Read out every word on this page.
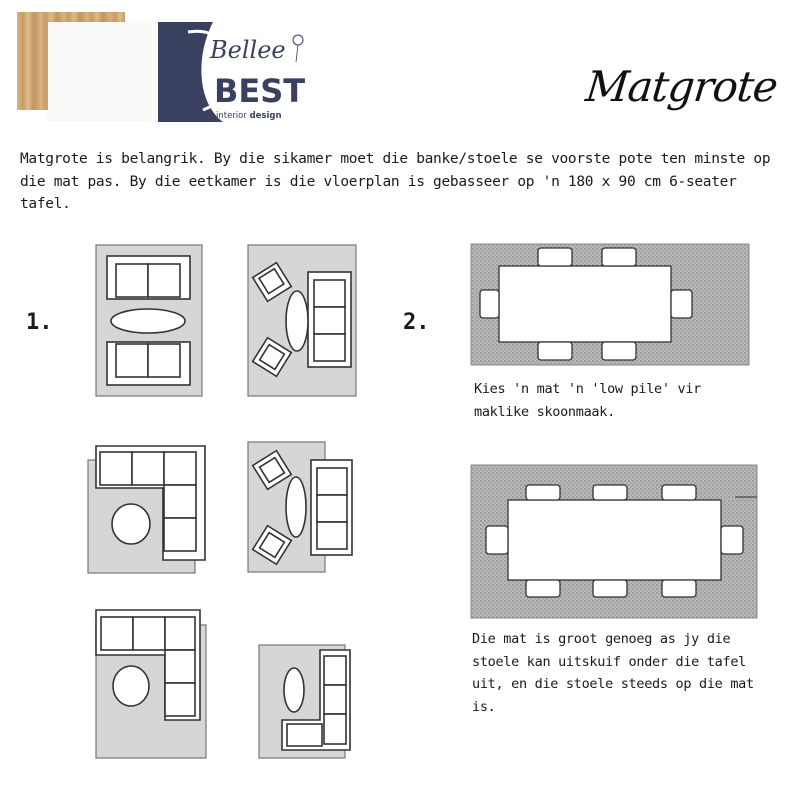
Bellee
BEST
interior design
Matgrote
Matgrote is belangrik. By die sikamer moet die banke/stoele se voorste pote ten minste op die mat pas. By die eetkamer is die vloerplan is gebasseer op 'n 180 x 90 cm 6-seater tafel.
1.	2.
Kies 'n mat 'n 'low pile' vir maklike skoonmaak.
Die mat is groot genoeg as jy die stoele kan uitskuif onder die tafel uit, en die stoele steeds op die mat is.
